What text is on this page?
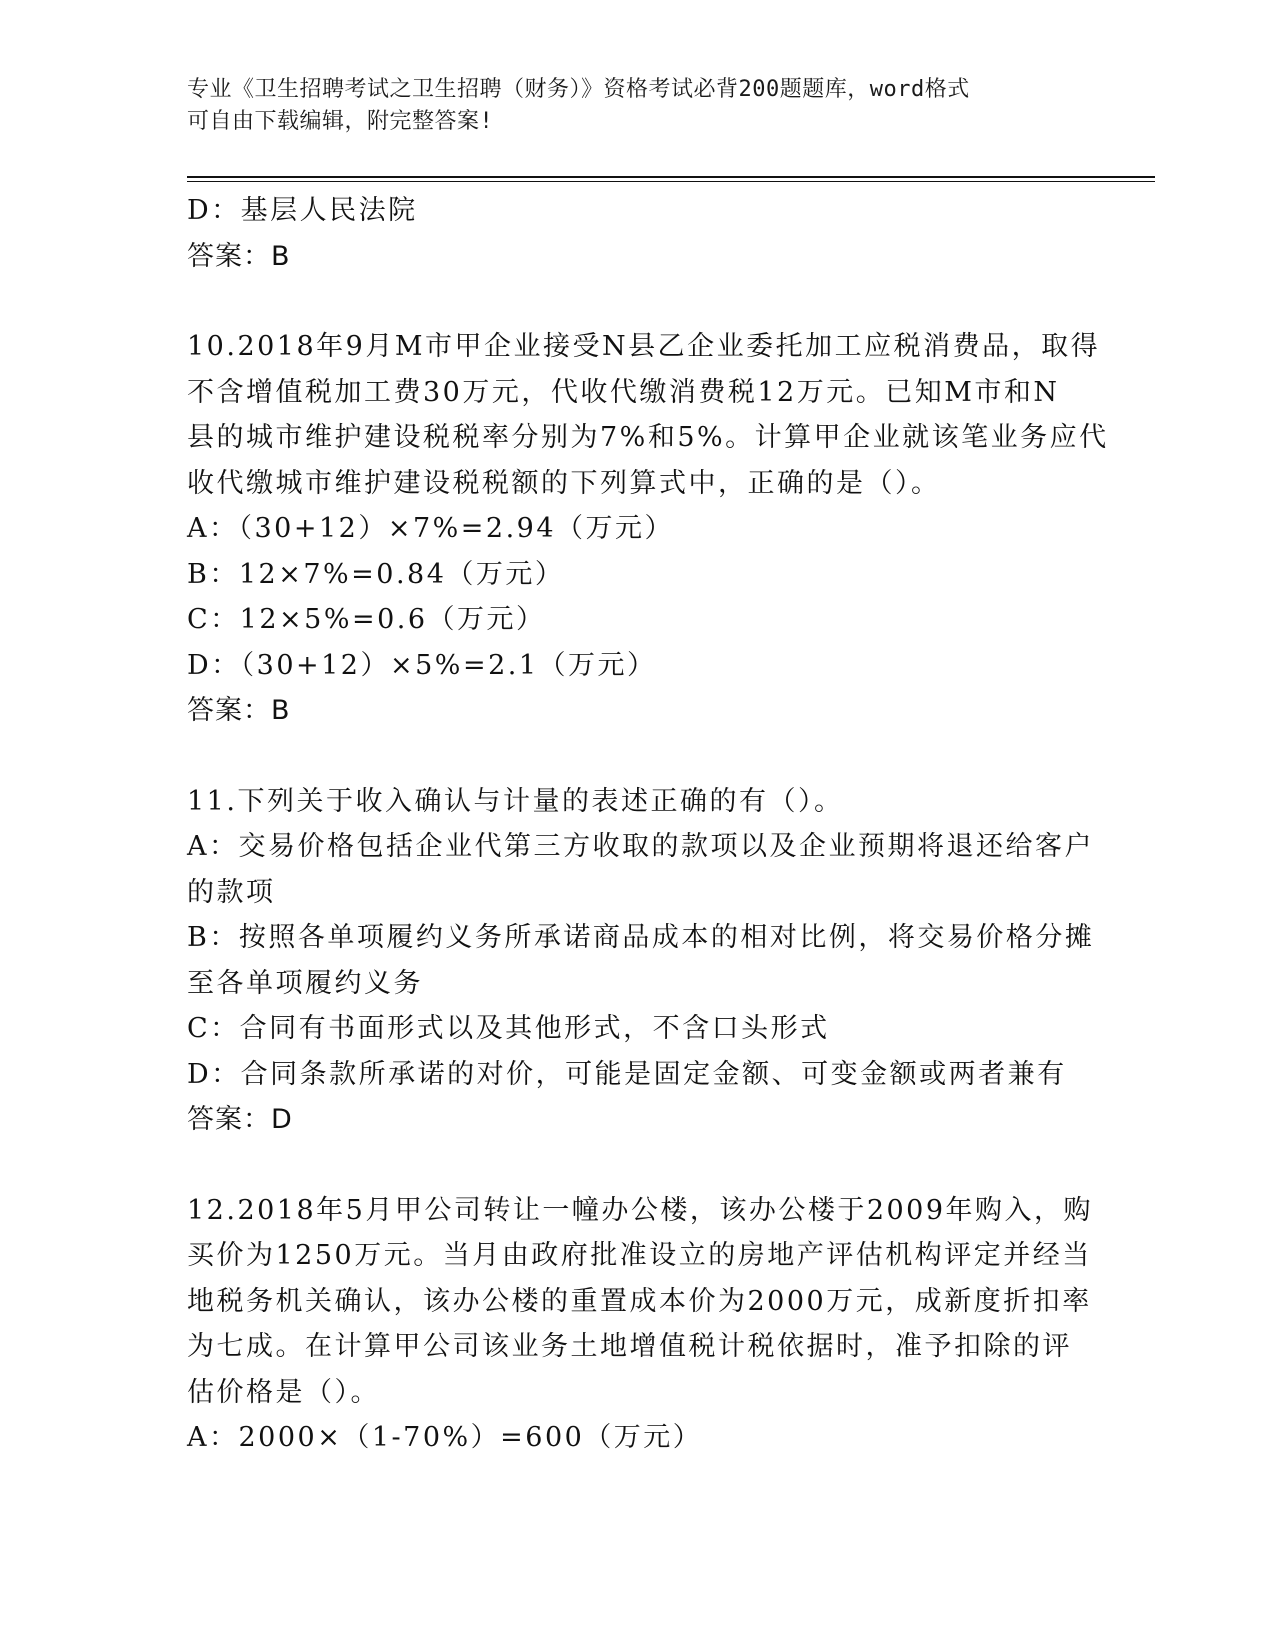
专业《卫生招聘考试之卫生招聘（财务）》资格考试必背200题题库，word格式
可自由下载编辑，附完整答案!
D：基层人民法院
答案：B
10.2018年9月M市甲企业接受N县乙企业委托加工应税消费品，取得
不含增值税加工费30万元，代收代缴消费税12万元。已知M市和N
县的城市维护建设税税率分别为7%和5%。计算甲企业就该笔业务应代
收代缴城市维护建设税税额的下列算式中，正确的是（）。
A：（30+12）×7%=2.94（万元）
B：12×7%=0.84（万元）
C：12×5%=0.6（万元）
D：（30+12）×5%=2.1（万元）
答案：B
11.下列关于收入确认与计量的表述正确的有（）。
A：交易价格包括企业代第三方收取的款项以及企业预期将退还给客户
的款项
B：按照各单项履约义务所承诺商品成本的相对比例，将交易价格分摊
至各单项履约义务
C：合同有书面形式以及其他形式，不含口头形式
D：合同条款所承诺的对价，可能是固定金额、可变金额或两者兼有
答案：D
12.2018年5月甲公司转让一幢办公楼，该办公楼于2009年购入，购
买价为1250万元。当月由政府批准设立的房地产评估机构评定并经当
地税务机关确认，该办公楼的重置成本价为2000万元，成新度折扣率
为七成。在计算甲公司该业务土地增值税计税依据时，准予扣除的评
估价格是（）。
A：2000×（1-70%）=600（万元）
